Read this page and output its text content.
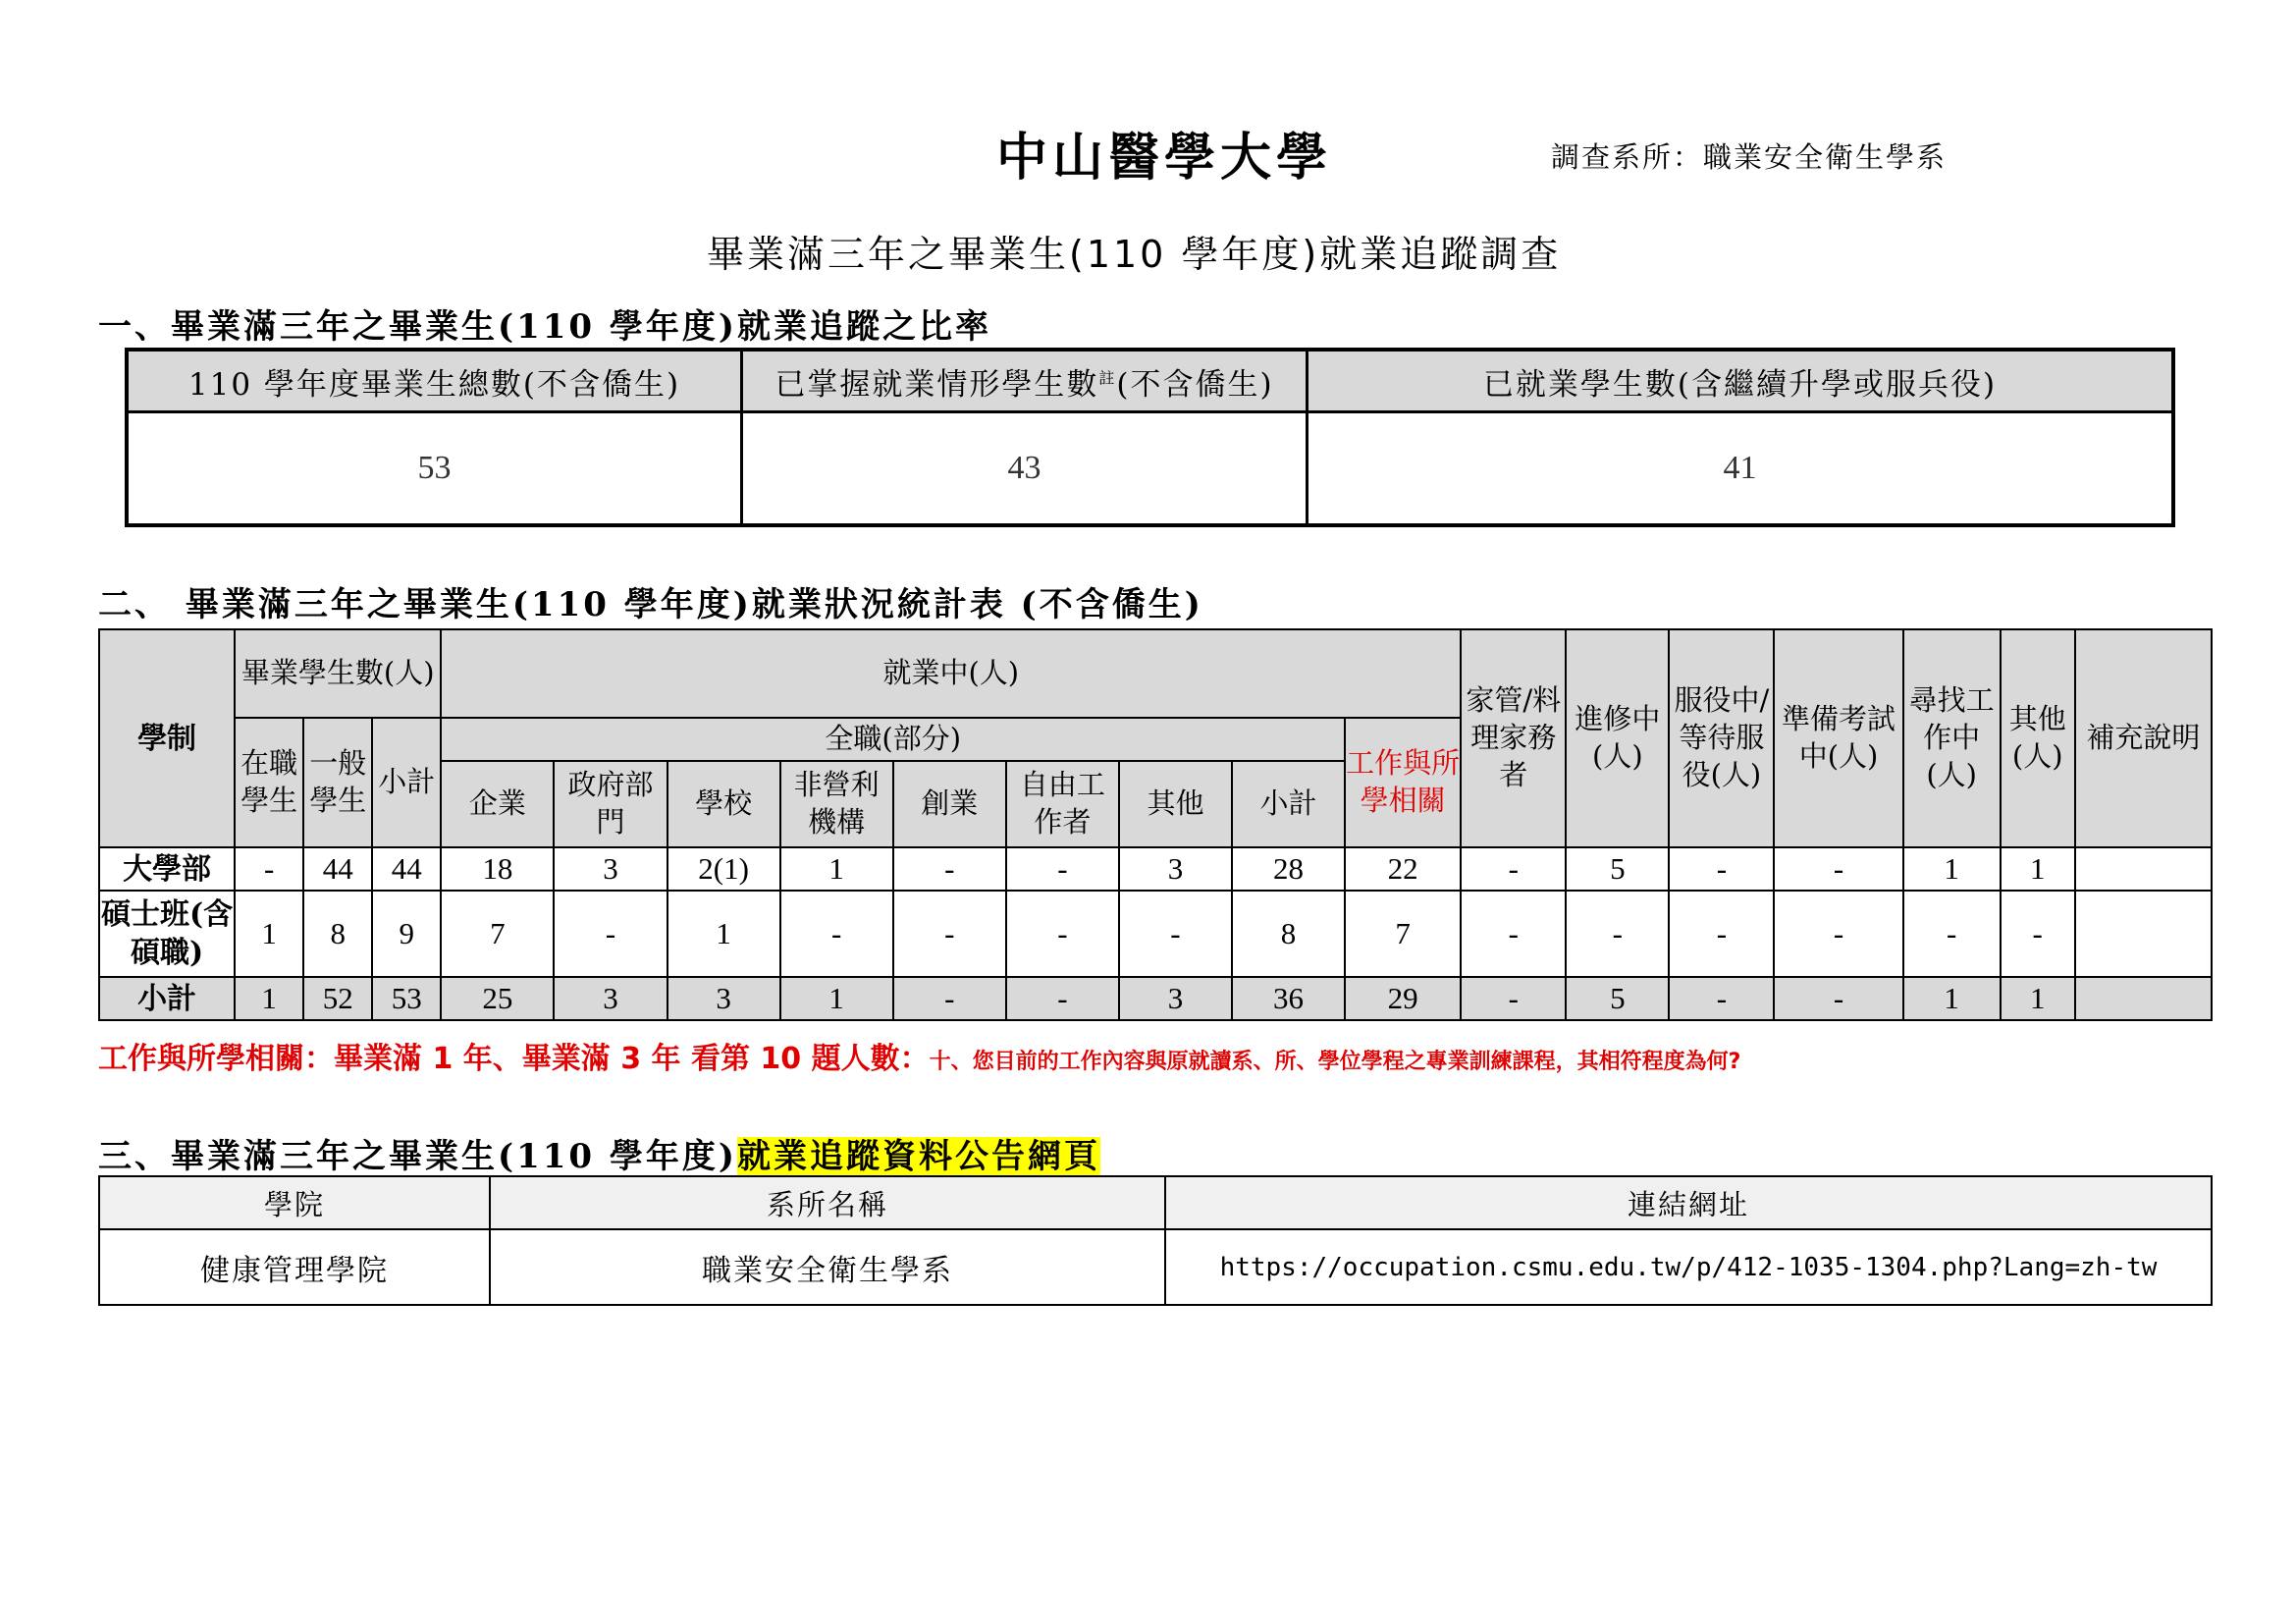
中山醫學大學	調查系所：職業安全衛生學系
畢業滿三年之畢業生(110 學年度)就業追蹤調查
一、畢業滿三年之畢業生(110 學年度)就業追蹤之比率
110 學年度畢業生總數(不含僑生)	已掌握就業情形學生數$^註$(不含僑生)	已就業學生數(含繼續升學或服兵役)
53	43	41
二、 畢業滿三年之畢業生(110 學年度)就業狀況統計表 (不含僑生)
學制	畢業學生數(人)			就業中(人)									家管/料理家務者	進修中(人)	服役中/等待服役(人)	準備考試中(人)	尋找工作中(人)	其他(人)	補充說明
	在職學生	一般學生	小計	全職(部分)								工作與所學相關							
				企業	政府部門	學校	非營利機構	創業	自由工作者	其他	小計								
大學部	-	44	44	18	3	2(1)	1	-	-	3	28	22	-	5	-	-	1	1	
碩士班(含碩職)	1	8	9	7	-	1	-	-	-	-	8	7	-	-	-	-	-	-	
小計	1	52	53	25	3	3	1	-	-	3	36	29	-	5	-	-	1	1	
工作與所學相關：畢業滿 1 年、畢業滿 3 年 看第 10 題人數：十、您目前的工作內容與原就讀系、所、學位學程之專業訓練課程，其相符程度為何?
三、畢業滿三年之畢業生(110 學年度)就業追蹤資料公告網頁
學院	系所名稱	連結網址
健康管理學院	職業安全衛生學系	https://occupation.csmu.edu.tw/p/412-1035-1304.php?Lang=zh-tw
